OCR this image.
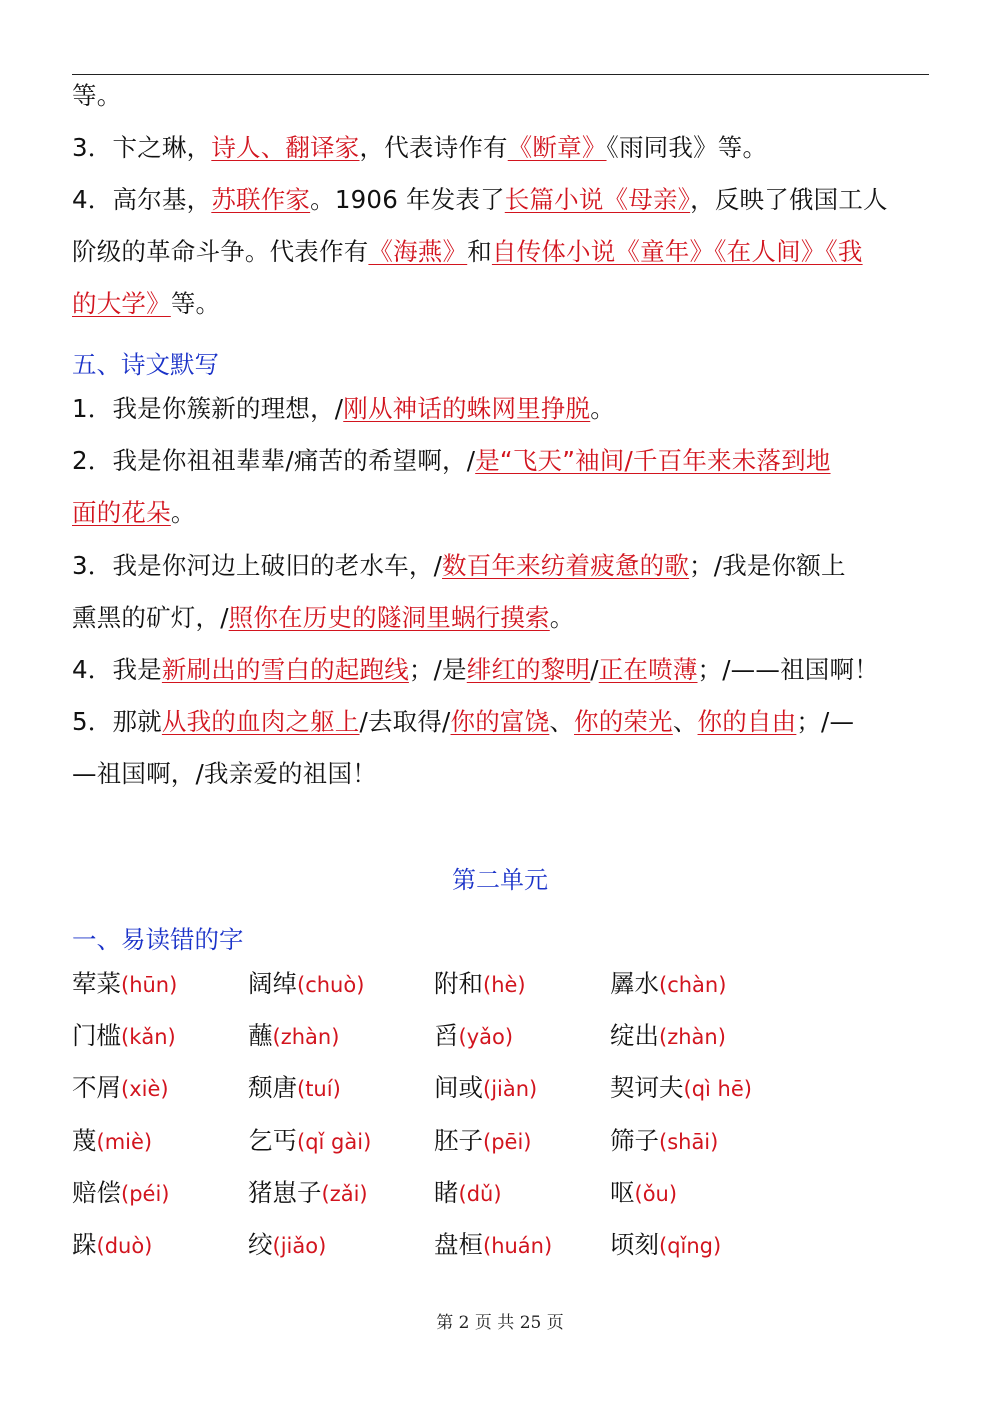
等。
3．卞之琳，诗人、翻译家，代表诗作有《断章》《雨同我》等。
4．高尔基，苏联作家。1906 年发表了长篇小说《母亲》，反映了俄国工人
阶级的革命斗争。代表作有《海燕》和自传体小说《童年》《在人间》《我
的大学》等。
五、诗文默写
1．我是你簇新的理想，/刚从神话的蛛网里挣脱。
2．我是你祖祖辈辈/痛苦的希望啊，/是“飞天”袖间/千百年来未落到地
面的花朵。
3．我是你河边上破旧的老水车，/数百年来纺着疲惫的歌；/我是你额上
熏黑的矿灯，/照你在历史的隧洞里蜗行摸索。
4．我是新刷出的雪白的起跑线；/是绯红的黎明/正在喷薄；/——祖国啊！
5．那就从我的血肉之躯上/去取得/你的富饶、你的荣光、你的自由；/—
—祖国啊，/我亲爱的祖国！
第二单元
一、易读错的字
荤菜(hūn)	阔绰(chuò)	附和(hè)	羼水(chàn)
门槛(kǎn)	蘸(zhàn)	舀(yǎo)	绽出(zhàn)
不屑(xiè)	颓唐(tuí)	间或(jiàn)	契诃夫(qì hē)
蔑(miè)	乞丐(qǐ gài)	胚子(pēi)	筛子(shāi)
赔偿(péi)	猪崽子(zǎi)	睹(dǔ)	呕(ǒu)
跺(duò)	绞(jiǎo)	盘桓(huán) 顷刻(qǐng)
第 2 页 共 25 页
